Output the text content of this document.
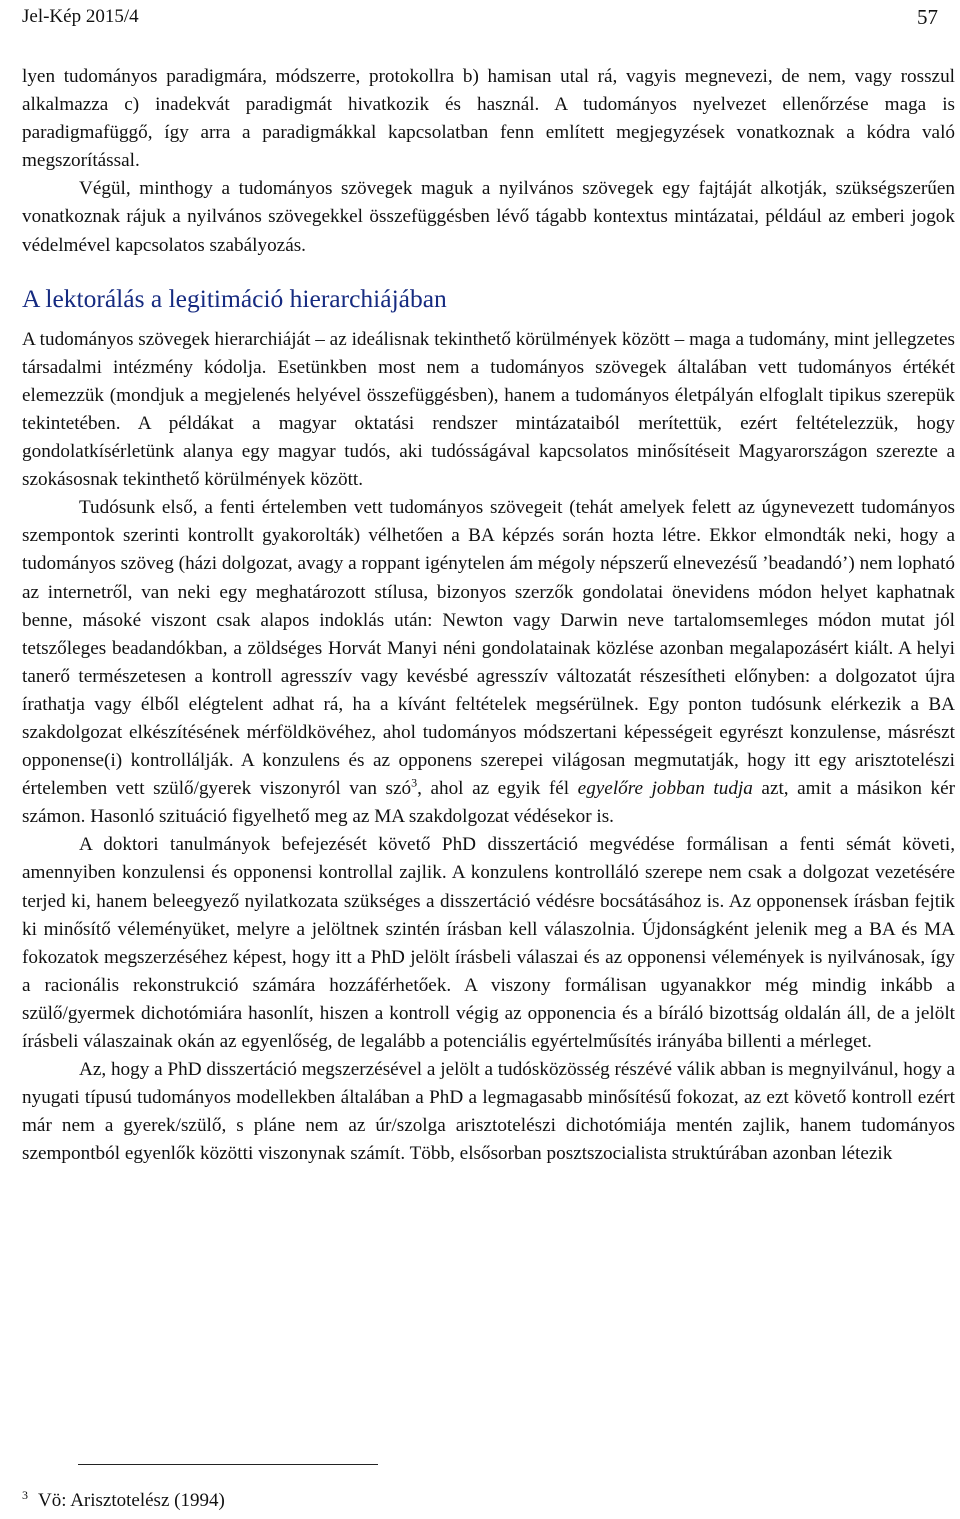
Jel-Kép 2015/4	57

lyen tudományos paradigmára, módszerre, protokollra b) hamisan utal rá, vagyis megnevezi, de nem, vagy rosszul alkalmazza c) inadekvát paradigmát hivatkozik és használ. A tudományos nyelvezet ellenőrzése maga is paradigmafüggő, így arra a paradigmákkal kapcsolatban fenn említett megjegyzések vonatkoznak a kódra való megszorítással.

Végül, minthogy a tudományos szövegek maguk a nyilvános szövegek egy fajtáját alkotják, szükségszerűen vonatkoznak rájuk a nyilvános szövegekkel összefüggésben lévő tágabb kontextus mintázatai, például az emberi jogok védelmével kapcsolatos szabályozás.

A lektorálás a legitimáció hierarchiájában

A tudományos szövegek hierarchiáját ‒ az ideálisnak tekinthető körülmények között ‒ maga a tudomány, mint jellegzetes társadalmi intézmény kódolja. Esetünkben most nem a tudományos szövegek általában vett tudományos értékét elemezzük (mondjuk a megjelenés helyével összefüggésben), hanem a tudományos életpályán elfoglalt tipikus szerepük tekintetében. A példákat a magyar oktatási rendszer mintázataiból merítettük, ezért feltételezzük, hogy gondolatkísérletünk alanya egy magyar tudós, aki tudósságával kapcsolatos minősítéseit Magyarországon szerezte a szokásosnak tekinthető körülmények között.

Tudósunk első, a fenti értelemben vett tudományos szövegeit (tehát amelyek felett az úgynevezett tudományos szempontok szerinti kontrollt gyakorolták) vélhetően a BA képzés során hozta létre. Ekkor elmondták neki, hogy a tudományos szöveg (házi dolgozat, avagy a roppant igénytelen ám mégoly népszerű elnevezésű ’beadandó’) nem lopható az internetről, van neki egy meghatározott stílusa, bizonyos szerzők gondolatai önevidens módon helyet kaphatnak benne, másoké viszont csak alapos indoklás után: Newton vagy Darwin neve tartalomsemleges módon mutat jól tetszőleges beadandókban, a zöldséges Horvát Manyi néni gondolatainak közlése azonban megalapozásért kiált. A helyi tanerő természetesen a kontroll agresszív vagy kevésbé agresszív változatát részesítheti előnyben: a dolgozatot újra írathatja vagy élből elégtelent adhat rá, ha a kívánt feltételek megsérülnek. Egy ponton tudósunk elérkezik a BA szakdolgozat elkészítésének mérföldkövéhez, ahol tudományos módszertani képességeit egyrészt konzulense, másrészt opponense(i) kontrollálják. A konzulens és az opponens szerepei világosan megmutatják, hogy itt egy arisztotelészi értelemben vett szülő/gyerek viszonyról van szó$^3$, ahol az egyik fél egyelőre jobban tudja azt, amit a másikon kér számon. Hasonló szituáció figyelhető meg az MA szakdolgozat védésekor is.

A doktori tanulmányok befejezését követő PhD disszertáció megvédése formálisan a fenti sémát követi, amennyiben konzulensi és opponensi kontrollal zajlik. A konzulens kontrolláló szerepe nem csak a dolgozat vezetésére terjed ki, hanem beleegyező nyilatkozata szükséges a disszertáció védésre bocsátásához is. Az opponensek írásban fejtik ki minősítő véleményüket, melyre a jelöltnek szintén írásban kell válaszolnia. Újdonságként jelenik meg a BA és MA fokozatok megszerzéséhez képest, hogy itt a PhD jelölt írásbeli válaszai és az opponensi vélemények is nyilvánosak, így a racionális rekonstrukció számára hozzáférhetőek. A viszony formálisan ugyanakkor még mindig inkább a szülő/gyermek dichotómiára hasonlít, hiszen a kontroll végig az opponencia és a bíráló bizottság oldalán áll, de a jelölt írásbeli válaszainak okán az egyenlőség, de legalább a potenciális egyértelműsítés irányába billenti a mérleget.

Az, hogy a PhD disszertáció megszerzésével a jelölt a tudósközösség részévé válik abban is megnyilvánul, hogy a nyugati típusú tudományos modellekben általában a PhD a legmagasabb minősítésű fokozat, az ezt követő kontroll ezért már nem a gyerek/szülő, s pláne nem az úr/szolga arisztotelészi dichotómiája mentén zajlik, hanem tudományos szempontból egyenlők közötti viszonynak számít. Több, elsősorban posztszocialista struktúrában azonban létezik

$^3$ Vö: Arisztotelész (1994)
